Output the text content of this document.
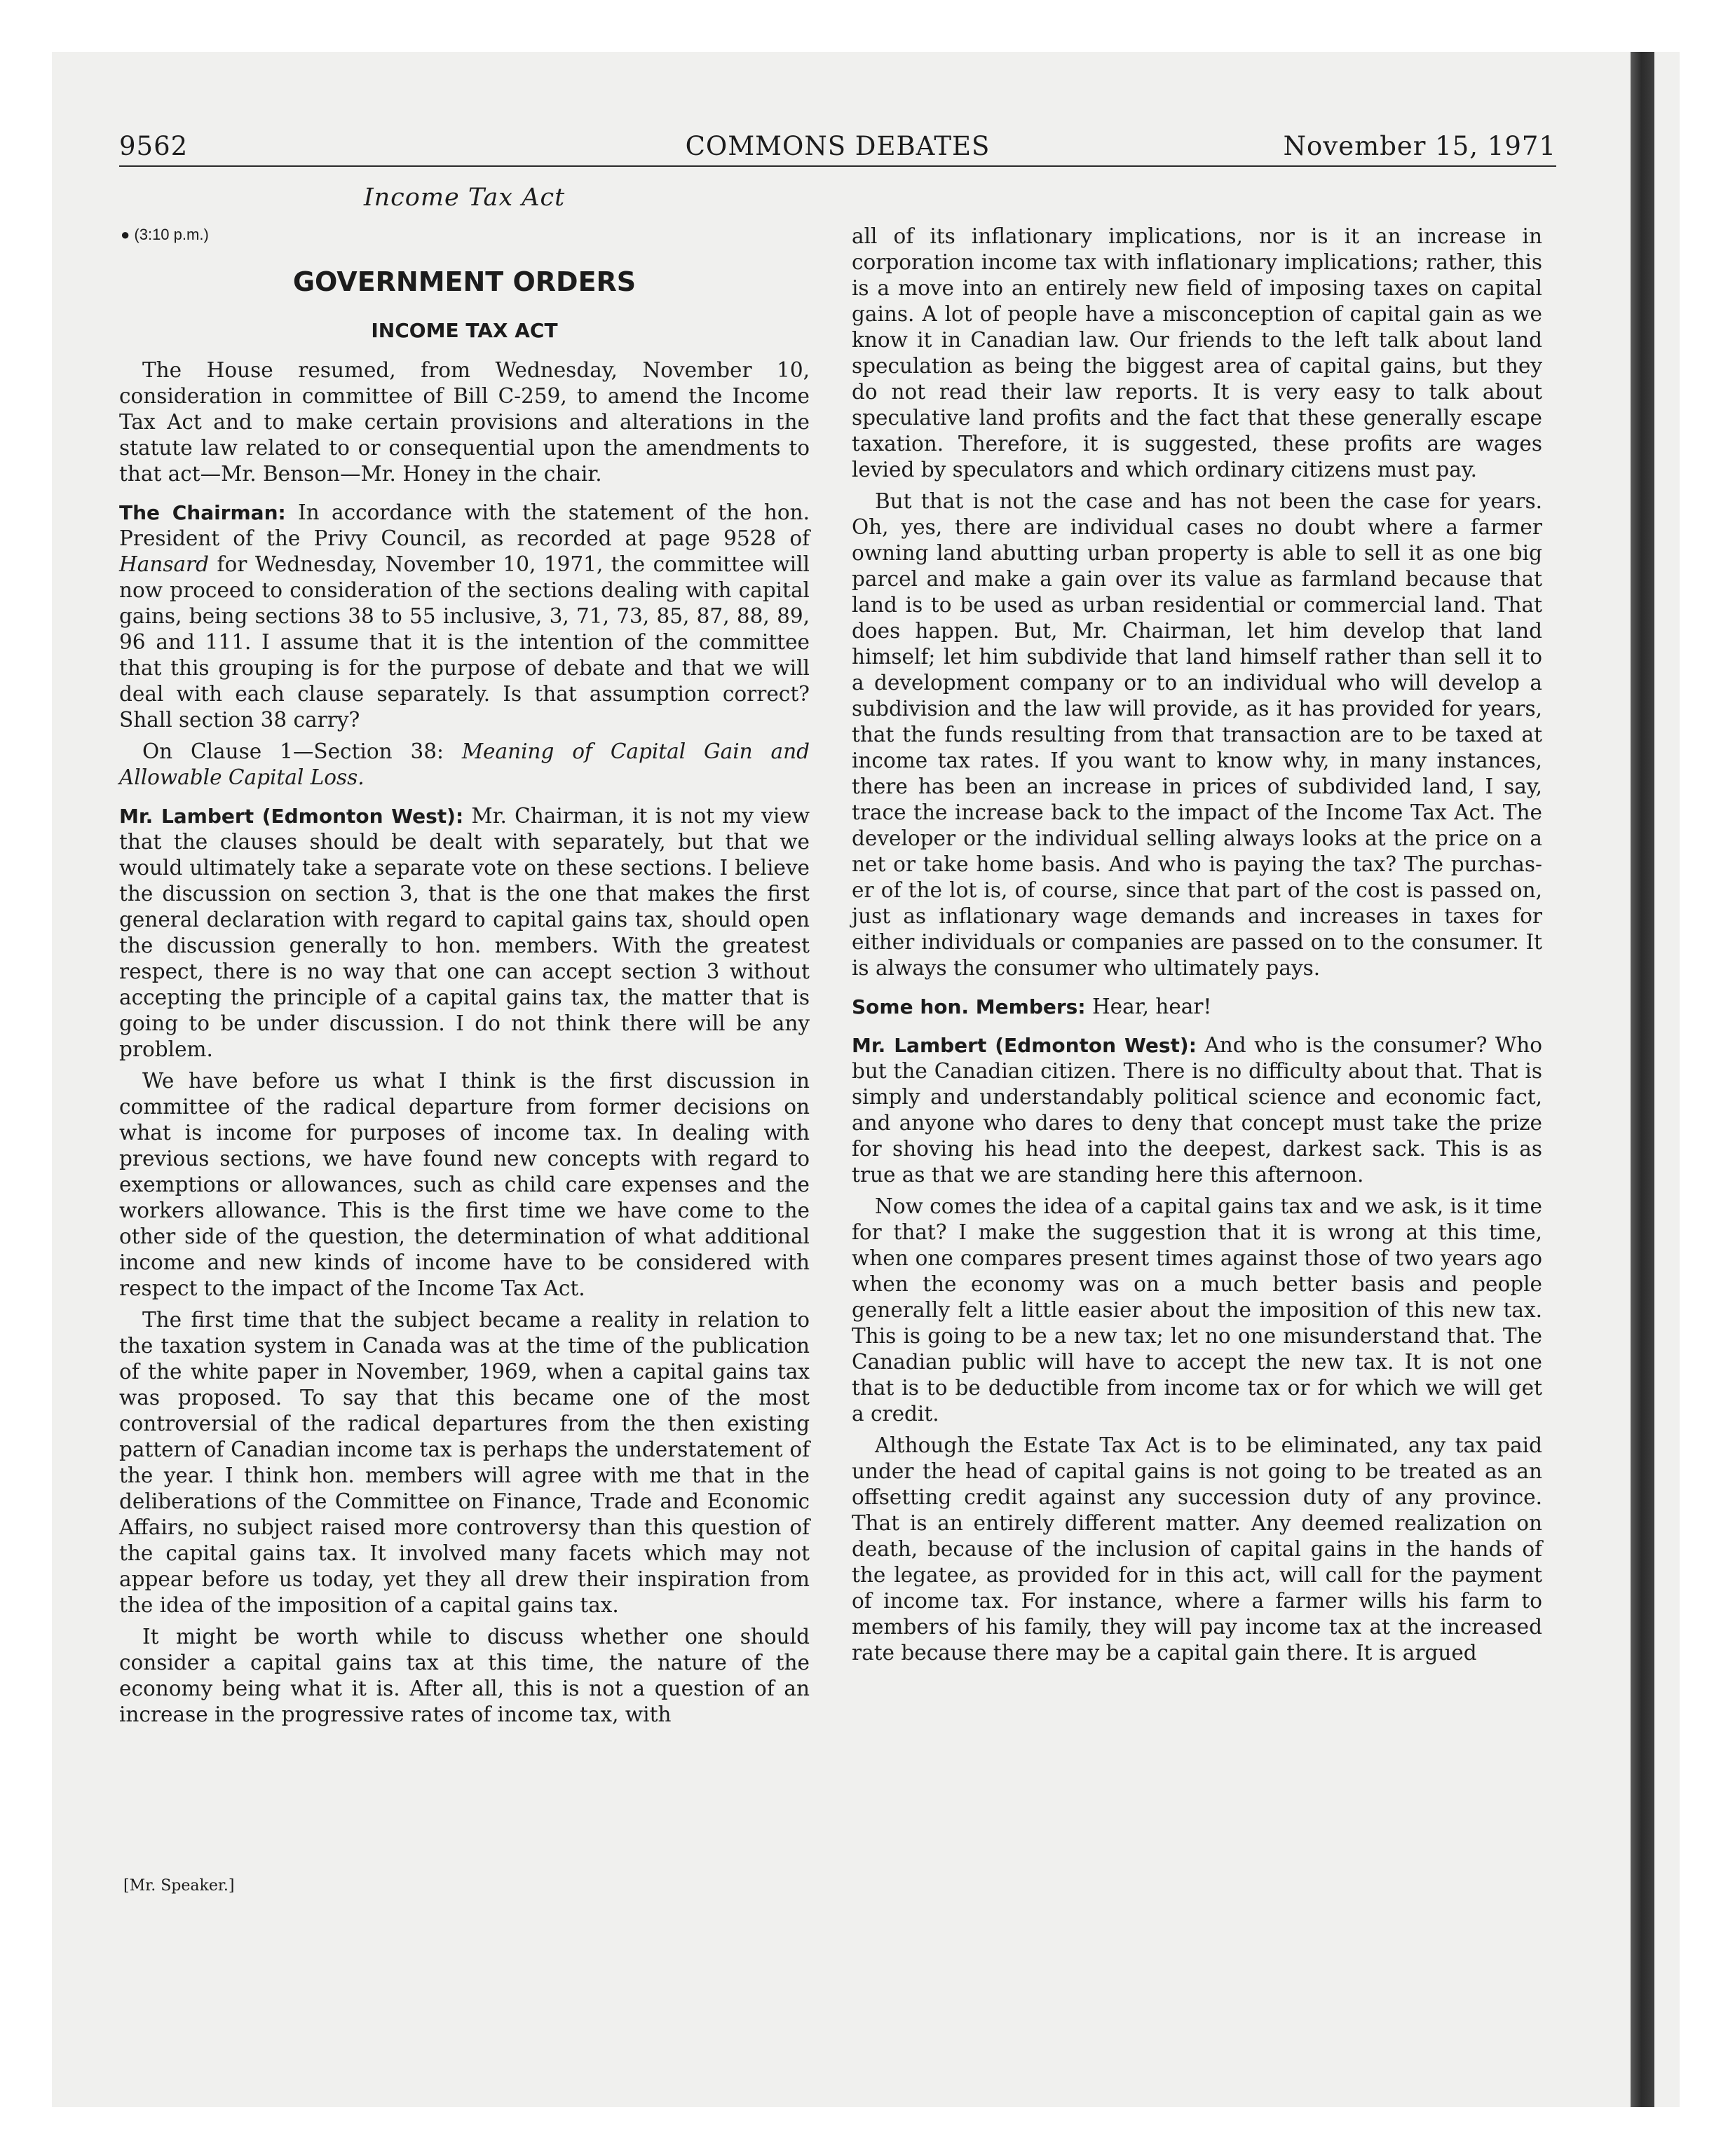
COMMONS DEBATES
9562	November 15, 1971
Income Tax Act
● (3:10 p.m.)
GOVERNMENT ORDERS
INCOME TAX ACT

The House resumed, from Wednesday, November 10, consideration in committee of Bill C-259, to amend the Income Tax Act and to make certain provisions and alterations in the statute law related to or consequential upon the amendments to that act—Mr. Benson—Mr. Honey in the chair.

The Chairman: In accordance with the statement of the hon. President of the Privy Council, as recorded at page 9528 of Hansard for Wednesday, November 10, 1971, the committee will now proceed to consideration of the sections dealing with capital gains, being sections 38 to 55 inclusive, 3, 71, 73, 85, 87, 88, 89, 96 and 111. I assume that it is the intention of the committee that this grouping is for the purpose of debate and that we will deal with each clause separately. Is that assumption correct? Shall section 38 carry?

On Clause 1—Section 38: Meaning of Capital Gain and Allowable Capital Loss.

Mr. Lambert (Edmonton West): Mr. Chairman, it is not my view that the clauses should be dealt with separately, but that we would ultimately take a separate vote on these sections. I believe the discussion on section 3, that is the one that makes the first general declaration with regard to capital gains tax, should open the discussion generally to hon. members. With the greatest respect, there is no way that one can accept section 3 without accepting the principle of a capital gains tax, the matter that is going to be under discussion. I do not think there will be any problem.

We have before us what I think is the first discussion in committee of the radical departure from former decisions on what is income for purposes of income tax. In dealing with previous sections, we have found new concepts with regard to exemptions or allowances, such as child care expenses and the workers allowance. This is the first time we have come to the other side of the question, the determination of what additional income and new kinds of income have to be considered with respect to the impact of the Income Tax Act.

The first time that the subject became a reality in relation to the taxation system in Canada was at the time of the publication of the white paper in November, 1969, when a capital gains tax was proposed. To say that this became one of the most controversial of the radical departures from the then existing pattern of Canadian income tax is perhaps the understatement of the year. I think hon. members will agree with me that in the deliberations of the Committee on Finance, Trade and Economic Affairs, no subject raised more controversy than this question of the capital gains tax. It involved many facets which may not appear before us today, yet they all drew their inspiration from the idea of the imposition of a capital gains tax.

It might be worth while to discuss whether one should consider a capital gains tax at this time, the nature of the economy being what it is. After all, this is not a question of an increase in the progressive rates of income tax, with

all of its inflationary implications, nor is it an increase in corporation income tax with inflationary implications; rather, this is a move into an entirely new field of imposing taxes on capital gains. A lot of people have a misconception of capital gain as we know it in Canadian law. Our friends to the left talk about land speculation as being the biggest area of capital gains, but they do not read their law reports. It is very easy to talk about speculative land profits and the fact that these generally escape taxation. Therefore, it is suggested, these profits are wages levied by speculators and which ordinary citizens must pay.

But that is not the case and has not been the case for years. Oh, yes, there are individual cases no doubt where a farmer owning land abutting urban property is able to sell it as one big parcel and make a gain over its value as farmland because that land is to be used as urban residential or commercial land. That does happen. But, Mr. Chairman, let him develop that land himself; let him subdivide that land himself rather than sell it to a development company or to an individual who will develop a subdivision and the law will provide, as it has provided for years, that the funds resulting from that transaction are to be taxed at income tax rates. If you want to know why, in many instances, there has been an increase in prices of subdivided land, I say, trace the increase back to the impact of the Income Tax Act. The developer or the individual selling always looks at the price on a net or take home basis. And who is paying the tax? The purchaser of the lot is, of course, since that part of the cost is passed on, just as inflationary wage demands and increases in taxes for either individuals or companies are passed on to the consumer. It is always the consumer who ultimately pays.

Some hon. Members: Hear, hear!

Mr. Lambert (Edmonton West): And who is the consumer? Who but the Canadian citizen. There is no difficulty about that. That is simply and understandably political science and economic fact, and anyone who dares to deny that concept must take the prize for shoving his head into the deepest, darkest sack. This is as true as that we are standing here this afternoon.

Now comes the idea of a capital gains tax and we ask, is it time for that? I make the suggestion that it is wrong at this time, when one compares present times against those of two years ago when the economy was on a much better basis and people generally felt a little easier about the imposition of this new tax. This is going to be a new tax; let no one misunderstand that. The Canadian public will have to accept the new tax. It is not one that is to be deductible from income tax or for which we will get a credit.

Although the Estate Tax Act is to be eliminated, any tax paid under the head of capital gains is not going to be treated as an offsetting credit against any succession duty of any province. That is an entirely different matter. Any deemed realization on death, because of the inclusion of capital gains in the hands of the legatee, as provided for in this act, will call for the payment of income tax. For instance, where a farmer wills his farm to members of his family, they will pay income tax at the increased rate because there may be a capital gain there. It is argued

[Mr. Speaker.]
